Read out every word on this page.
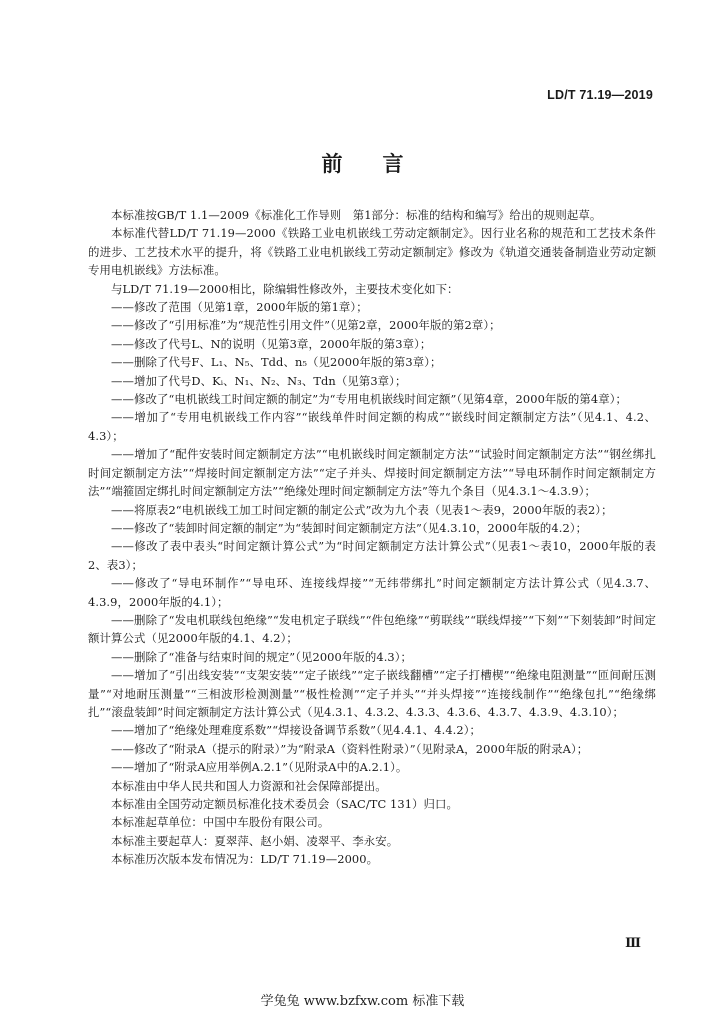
LD/T 71.19—2019
前 言

本标准按GB/T 1.1—2009《标准化工作导则　第1部分：标准的结构和编写》给出的规则起草。

本标准代替LD/T 71.19—2000《铁路工业电机嵌线工劳动定额制定》。因行业名称的规范和工艺技术条件的进步、工艺技术水平的提升，将《铁路工业电机嵌线工劳动定额制定》修改为《轨道交通装备制造业劳动定额　专用电机嵌线》方法标准。

与LD/T 71.19—2000相比，除编辑性修改外，主要技术变化如下：

——修改了范围（见第1章，2000年版的第1章）；

——修改了“引用标准”为“规范性引用文件”（见第2章，2000年版的第2章）；

——修改了代号L、N的说明（见第3章，2000年版的第3章）；

——删除了代号F、L₁、N₅、Tdd、n₅（见2000年版的第3章）；

——增加了代号D、Kᵢ、N₁、N₂、N₃、Tdn（见第3章）；

——修改了“电机嵌线工时间定额的制定”为“专用电机嵌线时间定额”（见第4章，2000年版的第4章）；

——增加了“专用电机嵌线工作内容”“嵌线单件时间定额的构成”“嵌线时间定额制定方法”（见4.1、4.2、4.3）；

——增加了“配件安装时间定额制定方法”“电机嵌线时间定额制定方法”“试验时间定额制定方法”“钢丝绑扎时间定额制定方法”“焊接时间定额制定方法”“定子并头、焊接时间定额制定方法”“导电环制作时间定额制定方法”“端箍固定绑扎时间定额制定方法”“绝缘处理时间定额制定方法”等九个条目（见4.3.1～4.3.9）；

——将原表2“电机嵌线工加工时间定额的制定公式”改为九个表（见表1～表9，2000年版的表2）；

——修改了“装卸时间定额的制定”为“装卸时间定额制定方法”（见4.3.10，2000年版的4.2）；

——修改了表中表头“时间定额计算公式”为“时间定额制定方法计算公式”（见表1～表10，2000年版的表2、表3）；

——修改了“导电环制作”“导电环、连接线焊接”“无纬带绑扎”时间定额制定方法计算公式（见4.3.7、4.3.9，2000年版的4.1）；

——删除了“发电机联线包绝缘”“发电机定子联线”“件包绝缘”“剪联线”“联线焊接”“下刻”“下刻装卸”时间定额计算公式（见2000年版的4.1、4.2）；

——删除了“准备与结束时间的规定”（见2000年版的4.3）；

——增加了“引出线安装”“支架安装”“定子嵌线”“定子嵌线翻槽”“定子打槽楔”“绝缘电阻测量”“匝间耐压测量”“对地耐压测量”“三相波形检测测量”“极性检测”“定子并头”“并头焊接”“连接线制作”“绝缘包扎”“绝缘绑扎”“滚盘装卸”时间定额制定方法计算公式（见4.3.1、4.3.2、4.3.3、4.3.6、4.3.7、4.3.9、4.3.10）；

——增加了“绝缘处理难度系数”“焊接设备调节系数”（见4.4.1、4.4.2）；

——修改了“附录A（提示的附录）”为“附录A（资料性附录）”（见附录A，2000年版的附录A）；

——增加了“附录A应用举例A.2.1”（见附录A中的A.2.1）。

本标准由中华人民共和国人力资源和社会保障部提出。

本标准由全国劳动定额员标准化技术委员会（SAC/TC 131）归口。

本标准起草单位：中国中车股份有限公司。

本标准主要起草人：夏翠萍、赵小娟、凌翠平、李永安。

本标准历次版本发布情况为：LD/T 71.19—2000。

Ⅲ
学兔兔 www.bzfxw.com 标准下载
